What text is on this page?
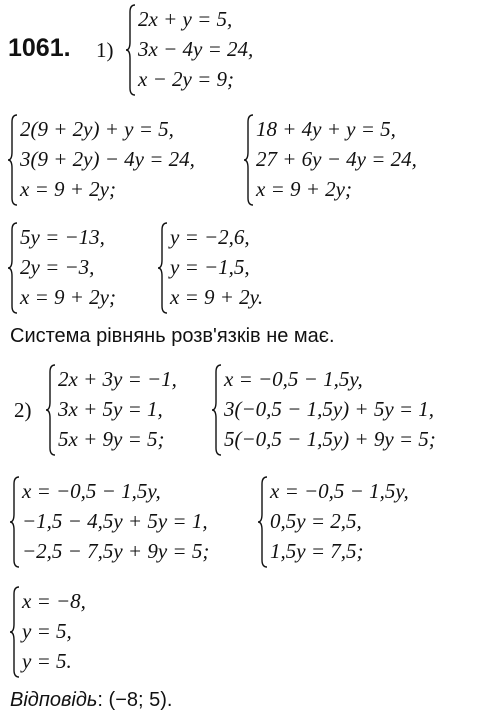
1061. 1)
2x + y = 5,
3x − 4y = 24,
x − 2y = 9;
2(9 + 2y) + y = 5,
3(9 + 2y) − 4y = 24,
x = 9 + 2y;
18 + 4y + y = 5,
27 + 6y − 4y = 24,
x = 9 + 2y;
5y = −13,
2y = −3,
x = 9 + 2y;
y = −2,6,
y = −1,5,
x = 9 + 2y.
Система рівнянь розв'язків не має.
2)
2x + 3y = −1,
3x + 5y = 1,
5x + 9y = 5;
x = −0,5 − 1,5y,
3(−0,5 − 1,5y) + 5y = 1,
5(−0,5 − 1,5y) + 9y = 5;
x = −0,5 − 1,5y,
−1,5 − 4,5y + 5y = 1,
−2,5 − 7,5y + 9y = 5;
x = −0,5 − 1,5y,
0,5y = 2,5,
1,5y = 7,5;
x = −8,
y = 5,
y = 5.
Відповідь: (−8; 5).
